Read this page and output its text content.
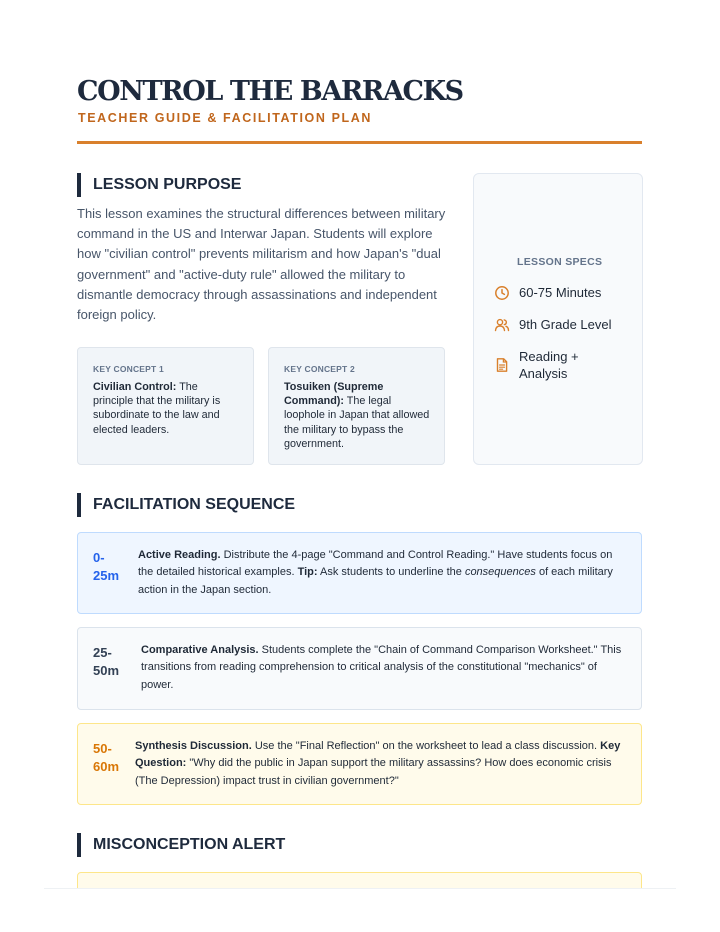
CONTROL THE BARRACKS
TEACHER GUIDE & FACILITATION PLAN
LESSON PURPOSE
This lesson examines the structural differences between military command in the US and Interwar Japan. Students will explore how "civilian control" prevents militarism and how Japan's "dual government" and "active-duty rule" allowed the military to dismantle democracy through assassinations and independent foreign policy.
KEY CONCEPT 1
Civilian Control: The principle that the military is subordinate to the law and elected leaders.
KEY CONCEPT 2
Tosuiken (Supreme Command): The legal loophole in Japan that allowed the military to bypass the government.
LESSON SPECS
60-75 Minutes
9th Grade Level
Reading + Analysis
FACILITATION SEQUENCE
0-25m
Active Reading. Distribute the 4-page "Command and Control Reading." Have students focus on the detailed historical examples. Tip: Ask students to underline the consequences of each military action in the Japan section.
25-50m
Comparative Analysis. Students complete the "Chain of Command Comparison Worksheet." This transitions from reading comprehension to critical analysis of the constitutional "mechanics" of power.
50-60m
Synthesis Discussion. Use the "Final Reflection" on the worksheet to lead a class discussion. Key Question: "Why did the public in Japan support the military assassins? How does economic crisis (The Depression) impact trust in civilian government?"
MISCONCEPTION ALERT
